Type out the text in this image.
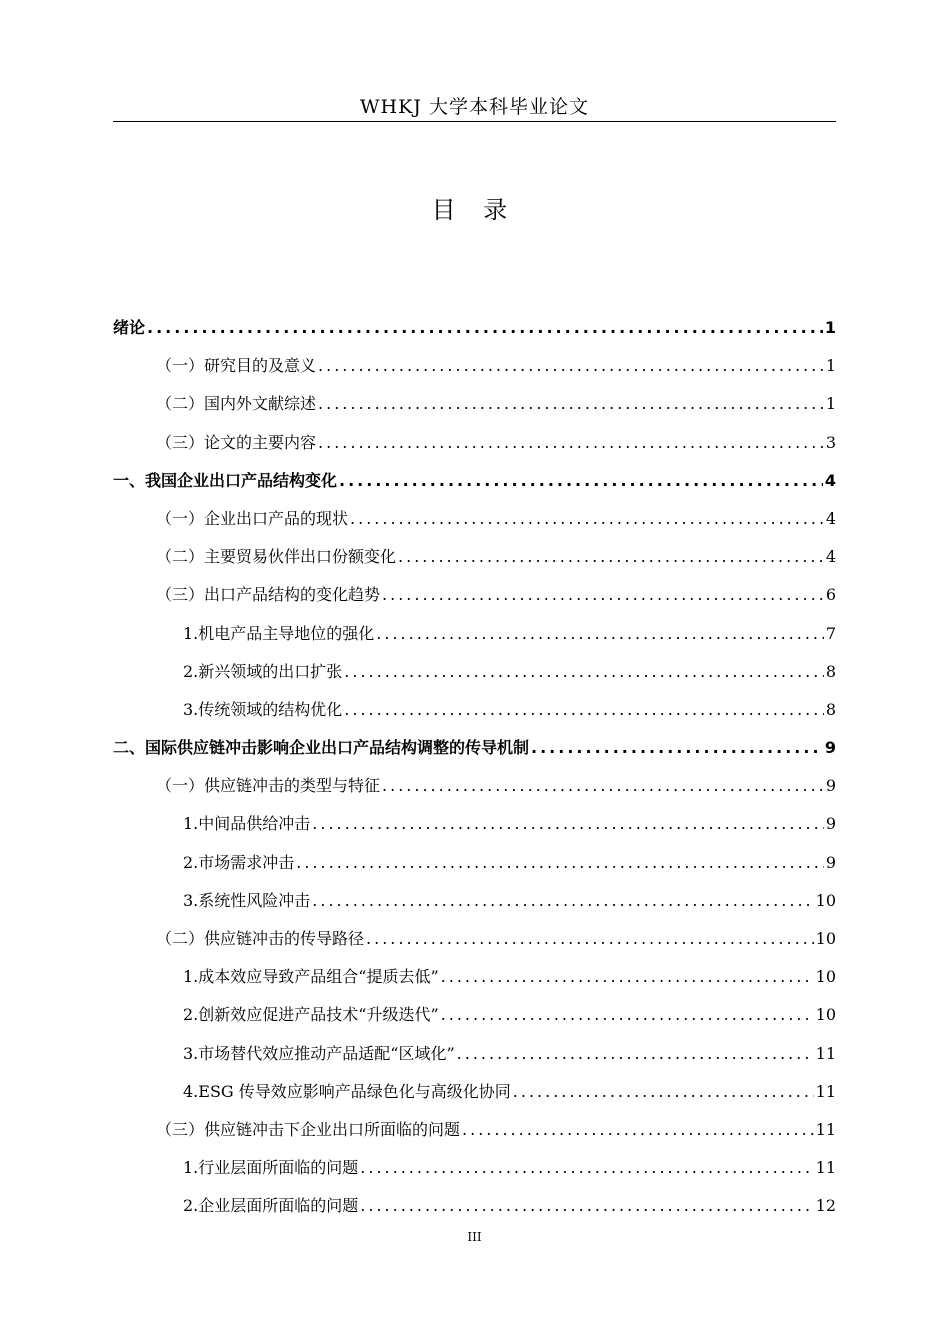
WHKJ 大学本科毕业论文
目 录
绪论 .....	1
（一）研究目的及意义 .....	1
（二）国内外文献综述 .....	1
（三）论文的主要内容 .....	3
一、我国企业出口产品结构变化 .....	4
（一）企业出口产品的现状 .....	4
（二）主要贸易伙伴出口份额变化 .....	4
（三）出口产品结构的变化趋势 .....	6
1.机电产品主导地位的强化 .....	7
2.新兴领域的出口扩张 .....	8
3.传统领域的结构优化 .....	8
二、国际供应链冲击影响企业出口产品结构调整的传导机制 .....	9
（一）供应链冲击的类型与特征 .....	9
1.中间品供给冲击 .....	9
2.市场需求冲击 .....	9
3.系统性风险冲击 .....	10
（二）供应链冲击的传导路径 .....	10
1.成本效应导致产品组合“提质去低” .....	10
2.创新效应促进产品技术“升级迭代” .....	10
3.市场替代效应推动产品适配“区域化” .....	11
4.ESG 传导效应影响产品绿色化与高级化协同 .....	11
（三）供应链冲击下企业出口所面临的问题 .....	11
1.行业层面所面临的问题 .....	11
2.企业层面所面临的问题 .....	12
III
